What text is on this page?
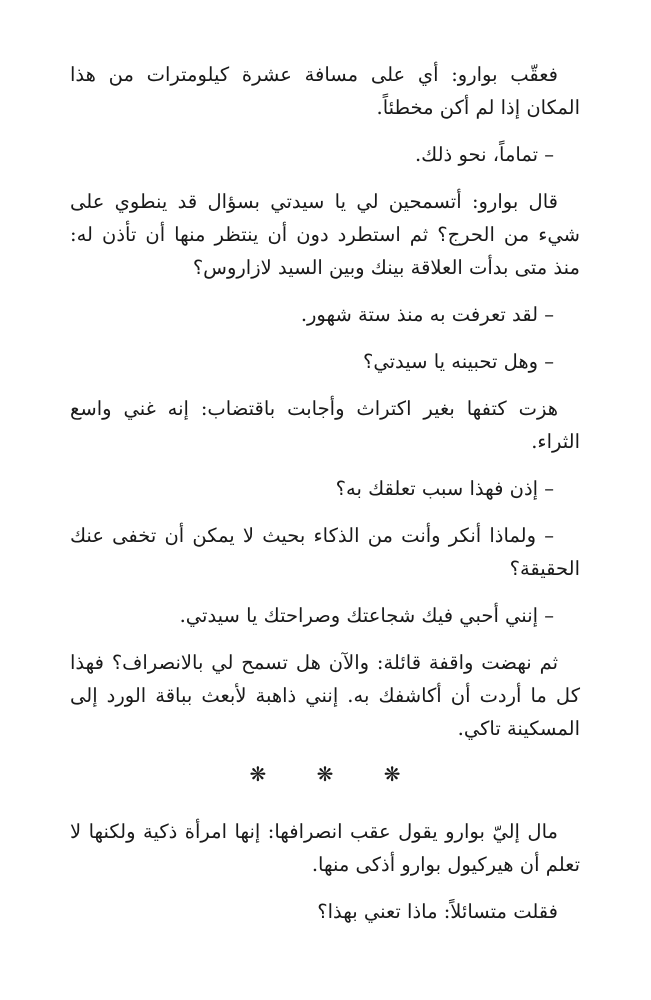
فعقّب بوارو: أي على مسافة عشرة كيلومترات من هذا المكان إذا لم أكن مخطئاً.

– تماماً، نحو ذلك.

قال بوارو: أتسمحين لي يا سيدتي بسؤال قد ينطوي على شيء من الحرج؟ ثم استطرد دون أن ينتظر منها أن تأذن له: منذ متى بدأت العلاقة بينك وبين السيد لازاروس؟

– لقد تعرفت به منذ ستة شهور.

– وهل تحبينه يا سيدتي؟

هزت كتفها بغير اكتراث وأجابت باقتضاب: إنه غني واسع الثراء.

– إذن فهذا سبب تعلقك به؟

– ولماذا أنكر وأنت من الذكاء بحيث لا يمكن أن تخفى عنك الحقيقة؟

– إنني أحبي فيك شجاعتك وصراحتك يا سيدتي.

ثم نهضت واقفة قائلة: والآن هل تسمح لي بالانصراف؟ فهذا كل ما أردت أن أكاشفك به. إنني ذاهبة لأبعث بباقة الورد إلى المسكينة تاكي.

❋ ❋ ❋

مال إليّ بوارو يقول عقب انصرافها: إنها امرأة ذكية ولكنها لا تعلم أن هيركيول بوارو أذكى منها.

فقلت متسائلاً: ماذا تعني بهذا؟
